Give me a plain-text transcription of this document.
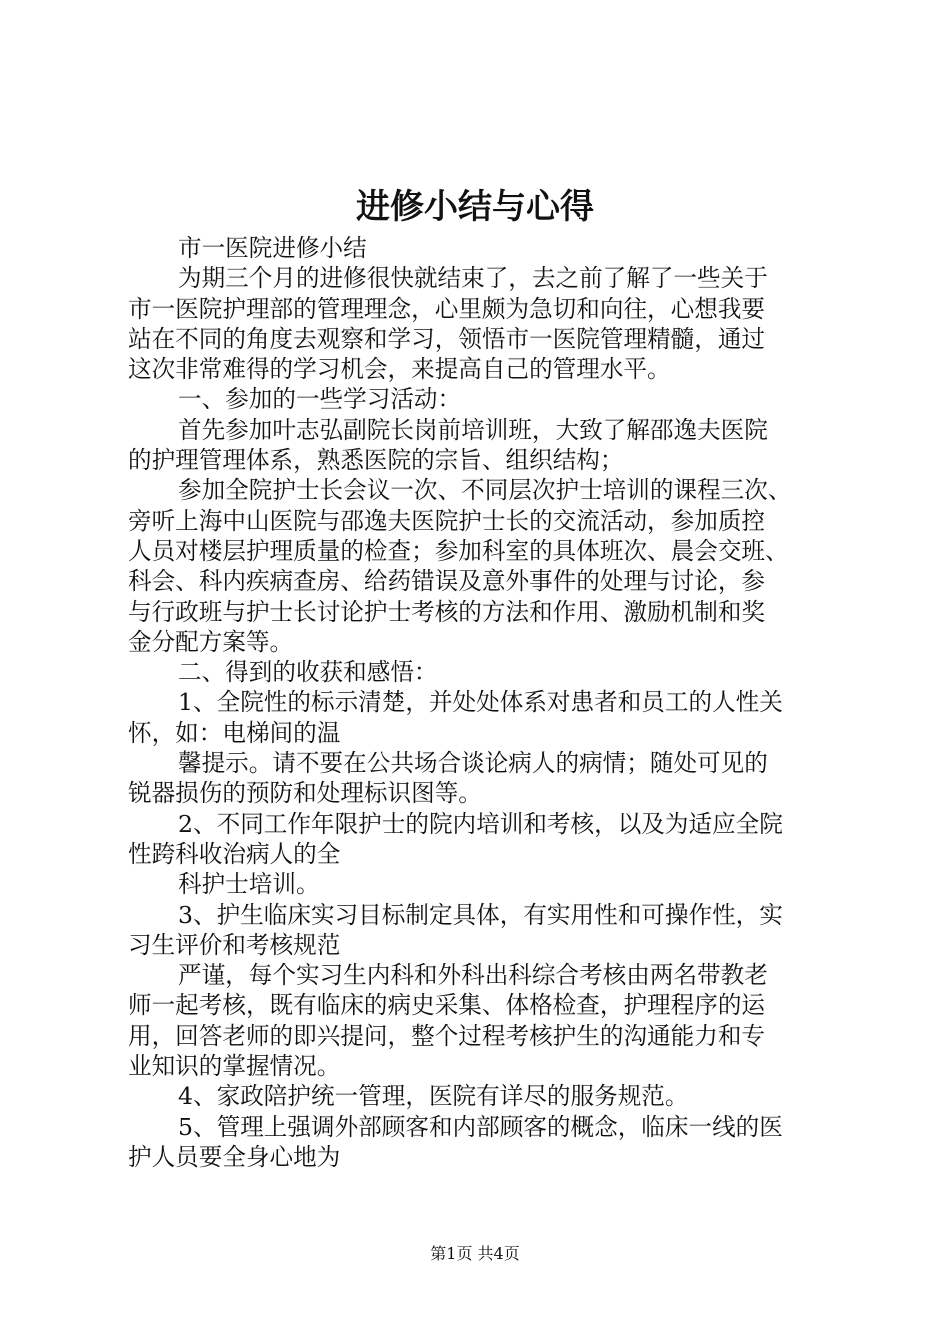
进修小结与心得

市一医院进修小结

为期三个月的进修很快就结束了，去之前了解了一些关于

市一医院护理部的管理理念，心里颇为急切和向往，心想我要

站在不同的角度去观察和学习，领悟市一医院管理精髓，通过

这次非常难得的学习机会，来提高自己的管理水平。

一、参加的一些学习活动：

首先参加叶志弘副院长岗前培训班，大致了解邵逸夫医院

的护理管理体系，熟悉医院的宗旨、组织结构；

参加全院护士长会议一次、不同层次护士培训的课程三次、

旁听上海中山医院与邵逸夫医院护士长的交流活动，参加质控

人员对楼层护理质量的检查；参加科室的具体班次、晨会交班、

科会、科内疾病查房、给药错误及意外事件的处理与讨论，参

与行政班与护士长讨论护士考核的方法和作用、激励机制和奖

金分配方案等。

二、得到的收获和感悟：

1、全院性的标示清楚，并处处体系对患者和员工的人性关

怀，如：电梯间的温

馨提示。请不要在公共场合谈论病人的病情；随处可见的

锐器损伤的预防和处理标识图等。

2、不同工作年限护士的院内培训和考核，以及为适应全院

性跨科收治病人的全

科护士培训。

3、护生临床实习目标制定具体，有实用性和可操作性，实

习生评价和考核规范

严谨，每个实习生内科和外科出科综合考核由两名带教老

师一起考核，既有临床的病史采集、体格检查，护理程序的运

用，回答老师的即兴提问，整个过程考核护生的沟通能力和专

业知识的掌握情况。

4、家政陪护统一管理，医院有详尽的服务规范。

5、管理上强调外部顾客和内部顾客的概念，临床一线的医

护人员要全身心地为

第1页 共4页
